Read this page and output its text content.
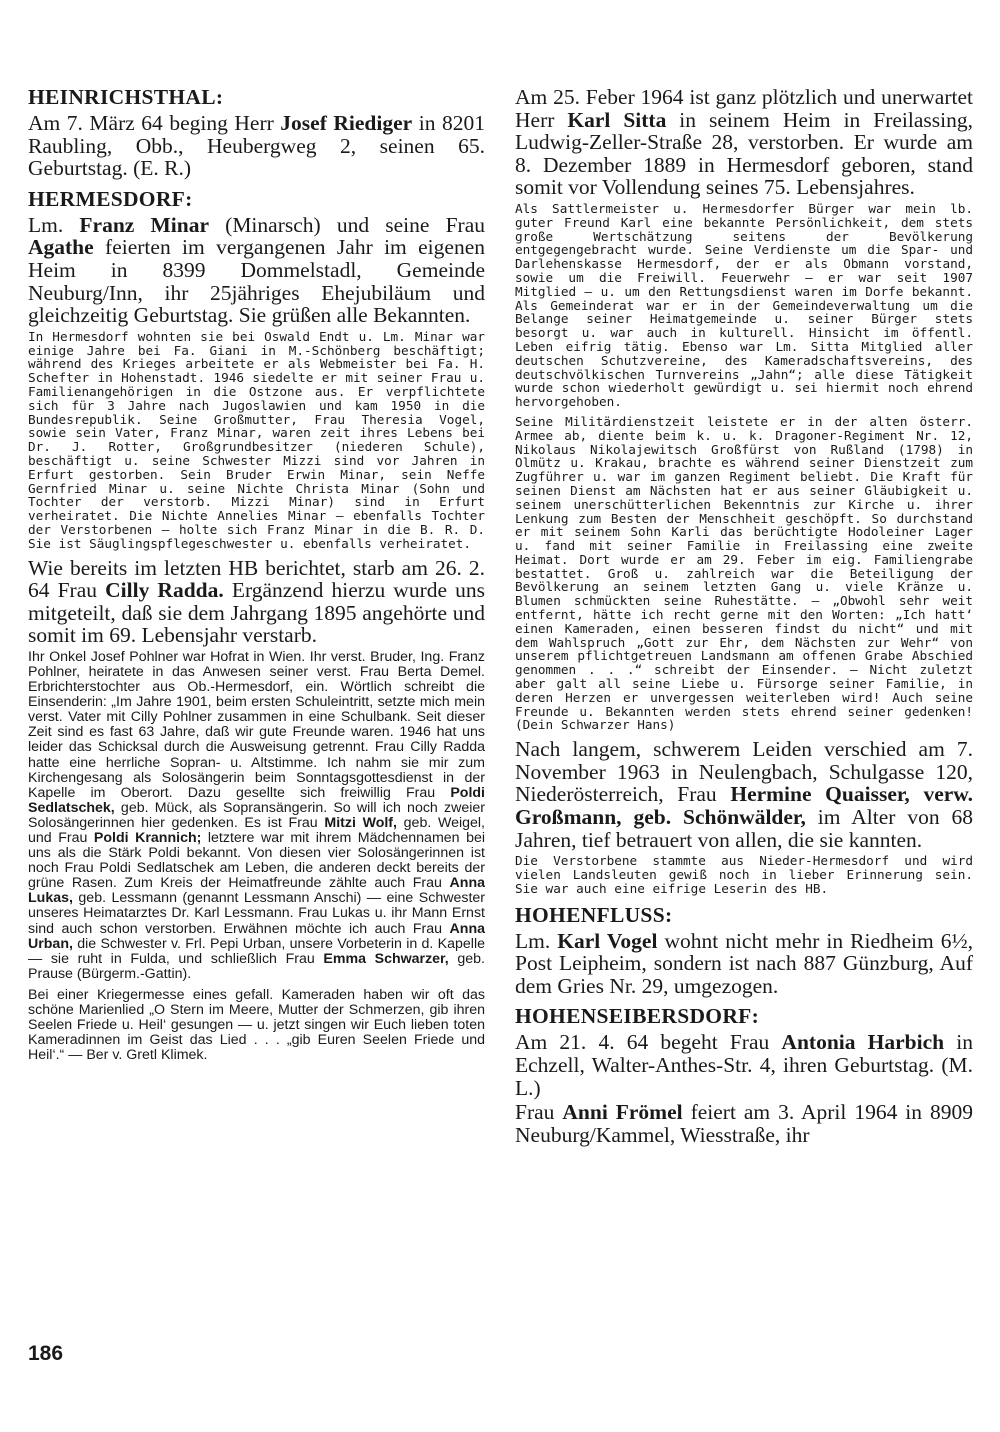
HEINRICHSTHAL:

Am 7. März 64 beging Herr Josef Riediger in 8201 Raubling, Obb., Heubergweg 2, seinen 65. Geburtstag. (E. R.)

HERMESDORF:

Lm. Franz Minar (Minarsch) und seine Frau Agathe feierten im vergangenen Jahr im eigenen Heim in 8399 Dommelstadl, Gemeinde Neuburg/Inn, ihr 25jähriges Ehejubiläum und gleichzeitig Geburtstag. Sie grüßen alle Bekannten.

In Hermesdorf wohnten sie bei Oswald Endt u. Lm. Minar war einige Jahre bei Fa. Giani in M.-Schönberg beschäftigt; während des Krieges arbeitete er als Webmeister bei Fa. H. Schefter in Hohenstadt. 1946 siedelte er mit seiner Frau u. Familienangehörigen in die Ostzone aus. Er verpflichtete sich für 3 Jahre nach Jugoslawien und kam 1950 in die Bundesrepublik. Seine Großmutter, Frau Theresia Vogel, sowie sein Vater, Franz Minar, waren zeit ihres Lebens bei Dr. J. Rotter, Großgrundbesitzer (niederen Schule), beschäftigt u. seine Schwester Mizzi sind vor Jahren in Erfurt gestorben. Sein Bruder Erwin Minar, sein Neffe Gernfried Minar u. seine Nichte Christa Minar (Sohn und Tochter der verstorb. Mizzi Minar) sind in Erfurt verheiratet. Die Nichte Annelies Minar — ebenfalls Tochter der Verstorbenen — holte sich Franz Minar in die B. R. D. Sie ist Säuglingspflegeschwester u. ebenfalls verheiratet.

Wie bereits im letzten HB berichtet, starb am 26. 2. 64 Frau Cilly Radda. Ergänzend hierzu wurde uns mitgeteilt, daß sie dem Jahrgang 1895 angehörte und somit im 69. Lebensjahr verstarb.

Ihr Onkel Josef Pohlner war Hofrat in Wien. Ihr verst. Bruder, Ing. Franz Pohlner, heiratete in das Anwesen seiner verst. Frau Berta Demel. Erbrichterstochter aus Ob.-Hermesdorf, ein. Wörtlich schreibt die Einsenderin: „Im Jahre 1901, beim ersten Schuleintritt, setzte mich mein verst. Vater mit Cilly Pohlner zusammen in eine Schulbank. Seit dieser Zeit sind es fast 63 Jahre, daß wir gute Freunde waren. 1946 hat uns leider das Schicksal durch die Ausweisung getrennt. Frau Cilly Radda hatte eine herrliche Sopran- u. Altstimme. Ich nahm sie mir zum Kirchengesang als Solosängerin beim Sonntagsgottesdienst in der Kapelle im Oberort. Dazu gesellte sich freiwillig Frau Poldi Sedlatschek, geb. Mück, als Sopransängerin. So will ich noch zweier Solosängerinnen hier gedenken. Es ist Frau Mitzi Wolf, geb. Weigel, und Frau Poldi Krannich; letztere war mit ihrem Mädchennamen bei uns als die Stärk Poldi bekannt. Von diesen vier Solosängerinnen ist noch Frau Poldi Sedlatschek am Leben, die anderen deckt bereits der grüne Rasen. Zum Kreis der Heimatfreunde zählte auch Frau Anna Lukas, geb. Lessmann (genannt Lessmann Anschi) — eine Schwester unseres Heimatarztes Dr. Karl Lessmann. Frau Lukas u. ihr Mann Ernst sind auch schon verstorben. Erwähnen möchte ich auch Frau Anna Urban, die Schwester v. Frl. Pepi Urban, unsere Vorbeterin in d. Kapelle — sie ruht in Fulda, und schließlich Frau Emma Schwarzer, geb. Prause (Bürgerm.-Gattin).

Bei einer Kriegermesse eines gefall. Kameraden haben wir oft das schöne Marienlied „O Stern im Meere, Mutter der Schmerzen, gib ihren Seelen Friede u. Heil‘ gesungen — u. jetzt singen wir Euch lieben toten Kameradinnen im Geist das Lied . . . „gib Euren Seelen Friede und Heil‘.“ — Ber v. Gretl Klimek.

Am 25. Feber 1964 ist ganz plötzlich und unerwartet Herr Karl Sitta in seinem Heim in Freilassing, Ludwig-Zeller-Straße 28, verstorben. Er wurde am 8. Dezember 1889 in Hermesdorf geboren, stand somit vor Vollendung seines 75. Lebensjahres.

Als Sattlermeister u. Hermesdorfer Bürger war mein lb. guter Freund Karl eine bekannte Persönlichkeit, dem stets große Wertschätzung seitens der Bevölkerung entgegengebracht wurde. Seine Verdienste um die Spar- und Darlehenskasse Hermesdorf, der er als Obmann vorstand, sowie um die Freiwill. Feuerwehr — er war seit 1907 Mitglied — u. um den Rettungsdienst waren im Dorfe bekannt. Als Gemeinderat war er in der Gemeindeverwaltung um die Belange seiner Heimatgemeinde u. seiner Bürger stets besorgt u. war auch in kulturell. Hinsicht im öffentl. Leben eifrig tätig. Ebenso war Lm. Sitta Mitglied aller deutschen Schutzvereine, des Kameradschaftsvereins, des deutschvölkischen Turnvereins „Jahn“; alle diese Tätigkeit wurde schon wiederholt gewürdigt u. sei hiermit noch ehrend hervorgehoben.

Seine Militärdienstzeit leistete er in der alten österr. Armee ab, diente beim k. u. k. Dragoner-Regiment Nr. 12, Nikolaus Nikolajewitsch Großfürst von Rußland (1798) in Olmütz u. Krakau, brachte es während seiner Dienstzeit zum Zugführer u. war im ganzen Regiment beliebt. Die Kraft für seinen Dienst am Nächsten hat er aus seiner Gläubigkeit u. seinem unerschütterlichen Bekenntnis zur Kirche u. ihrer Lenkung zum Besten der Menschheit geschöpft. So durchstand er mit seinem Sohn Karli das berüchtigte Hodoleiner Lager u. fand mit seiner Familie in Freilassing eine zweite Heimat. Dort wurde er am 29. Feber im eig. Familiengrabe bestattet. Groß u. zahlreich war die Beteiligung der Bevölkerung an seinem letzten Gang u. viele Kränze u. Blumen schmückten seine Ruhestätte. — „Obwohl sehr weit entfernt, hätte ich recht gerne mit den Worten: „Ich hatt‘ einen Kameraden, einen besseren findst du nicht“ und mit dem Wahlspruch „Gott zur Ehr, dem Nächsten zur Wehr“ von unserem pflichtgetreuen Landsmann am offenen Grabe Abschied genommen . . .“ schreibt der Einsender. — Nicht zuletzt aber galt all seine Liebe u. Fürsorge seiner Familie, in deren Herzen er unvergessen weiterleben wird! Auch seine Freunde u. Bekannten werden stets ehrend seiner gedenken! (Dein Schwarzer Hans)

Nach langem, schwerem Leiden verschied am 7. November 1963 in Neulengbach, Schulgasse 120, Niederösterreich, Frau Hermine Quaisser, verw. Großmann, geb. Schönwälder, im Alter von 68 Jahren, tief betrauert von allen, die sie kannten.

Die Verstorbene stammte aus Nieder-Hermesdorf und wird vielen Landsleuten gewiß noch in lieber Erinnerung sein. Sie war auch eine eifrige Leserin des HB.

HOHENFLUSS:

Lm. Karl Vogel wohnt nicht mehr in Riedheim 6½, Post Leipheim, sondern ist nach 887 Günzburg, Auf dem Gries Nr. 29, umgezogen.

HOHENSEIBERSDORF:

Am 21. 4. 64 begeht Frau Antonia Harbich in Echzell, Walter-Anthes-Str. 4, ihren Geburtstag. (M. L.)

Frau Anni Frömel feiert am 3. April 1964 in 8909 Neuburg/Kammel, Wiesstraße, ihr

186
